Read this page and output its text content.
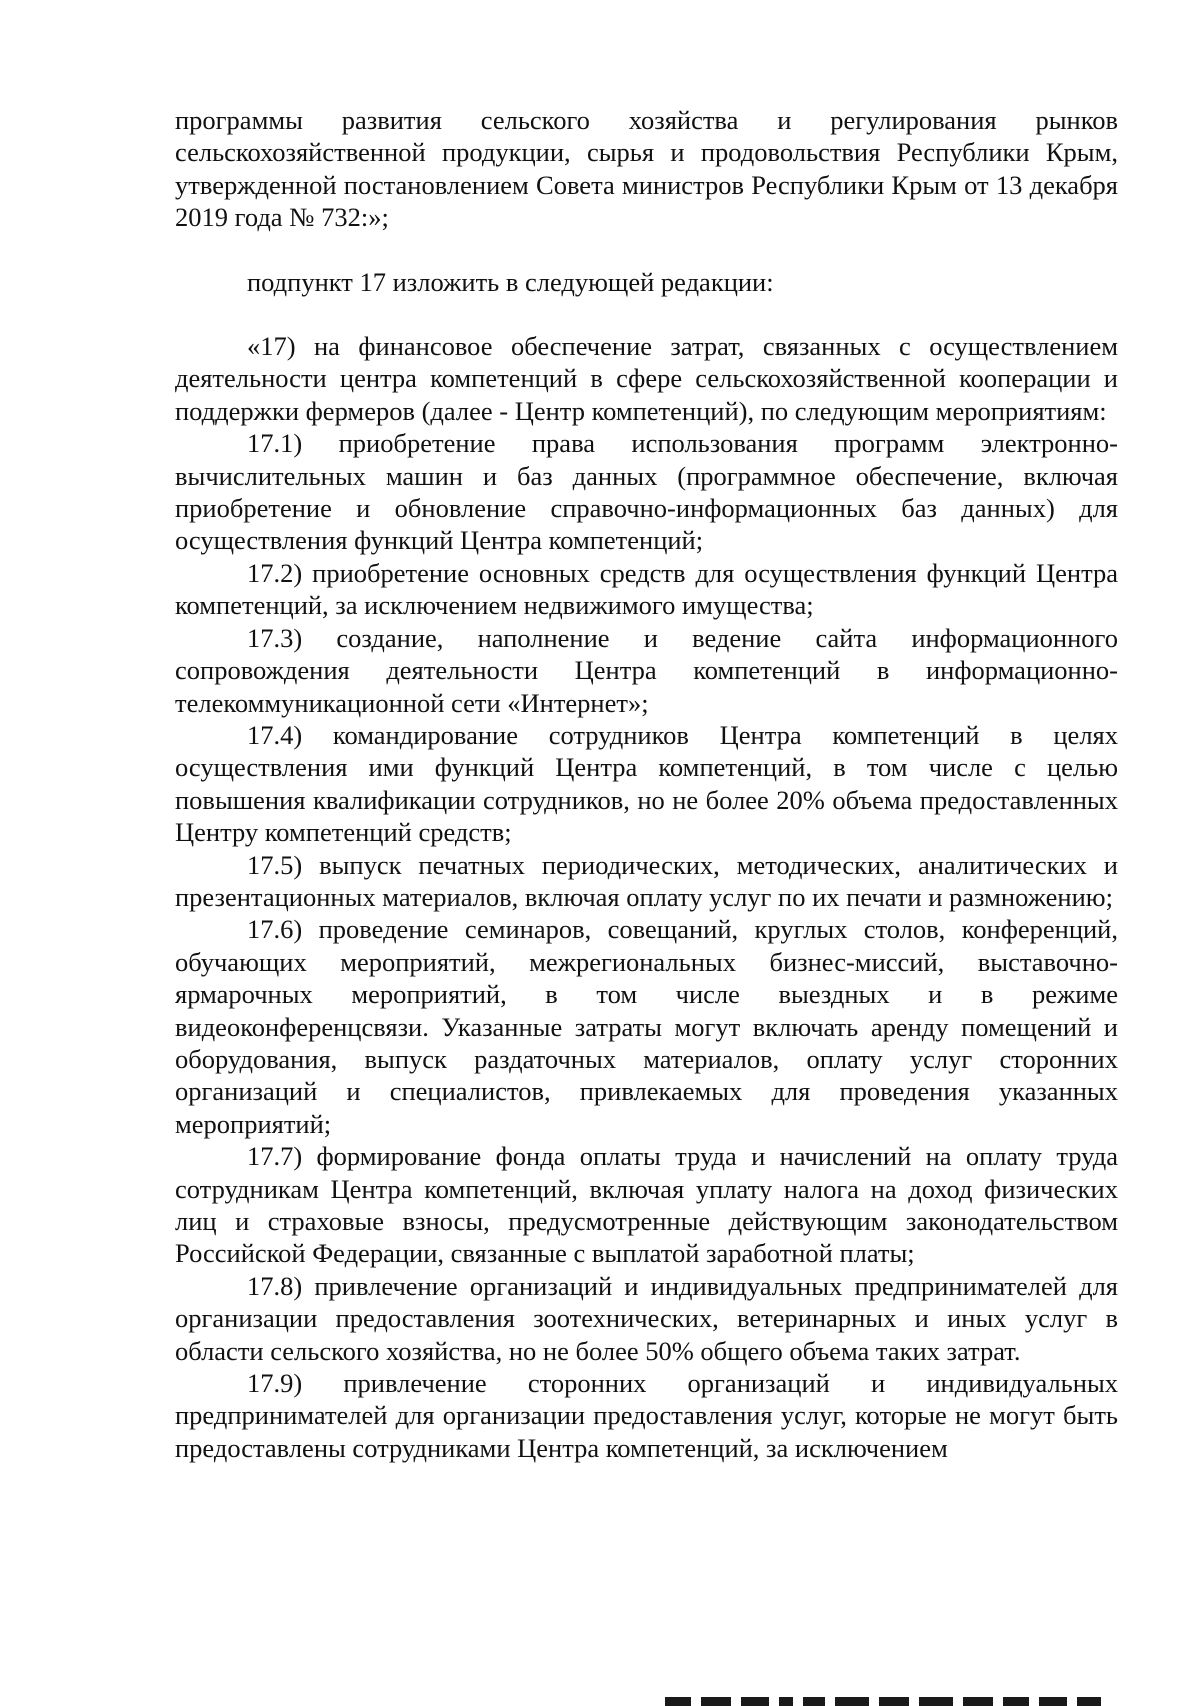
программы развития сельского хозяйства и регулирования рынков сельскохозяйственной продукции, сырья и продовольствия Республики Крым, утвержденной постановлением Совета министров Республики Крым от 13 декабря 2019 года № 732:»;

подпункт 17 изложить в следующей редакции:

«17) на финансовое обеспечение затрат, связанных с осуществлением деятельности центра компетенций в сфере сельскохозяйственной кооперации и поддержки фермеров (далее - Центр компетенций), по следующим мероприятиям:

17.1) приобретение права использования программ электронно-вычислительных машин и баз данных (программное обеспечение, включая приобретение и обновление справочно-информационных баз данных) для осуществления функций Центра компетенций;

17.2) приобретение основных средств для осуществления функций Центра компетенций, за исключением недвижимого имущества;

17.3) создание, наполнение и ведение сайта информационного сопровождения деятельности Центра компетенций в информационно-телекоммуникационной сети «Интернет»;

17.4) командирование сотрудников Центра компетенций в целях осуществления ими функций Центра компетенций, в том числе с целью повышения квалификации сотрудников, но не более 20% объема предоставленных Центру компетенций средств;

17.5) выпуск печатных периодических, методических, аналитических и презентационных материалов, включая оплату услуг по их печати и размножению;

17.6) проведение семинаров, совещаний, круглых столов, конференций, обучающих мероприятий, межрегиональных бизнес-миссий, выставочно-ярмарочных мероприятий, в том числе выездных и в режиме видеоконференцсвязи. Указанные затраты могут включать аренду помещений и оборудования, выпуск раздаточных материалов, оплату услуг сторонних организаций и специалистов, привлекаемых для проведения указанных мероприятий;

17.7) формирование фонда оплаты труда и начислений на оплату труда сотрудникам Центра компетенций, включая уплату налога на доход физических лиц и страховые взносы, предусмотренные действующим законодательством Российской Федерации, связанные с выплатой заработной платы;

17.8) привлечение организаций и индивидуальных предпринимателей для организации предоставления зоотехнических, ветеринарных и иных услуг в области сельского хозяйства, но не более 50% общего объема таких затрат.

17.9) привлечение сторонних организаций и индивидуальных предпринимателей для организации предоставления услуг, которые не могут быть предоставлены сотрудниками Центра компетенций, за исключением
